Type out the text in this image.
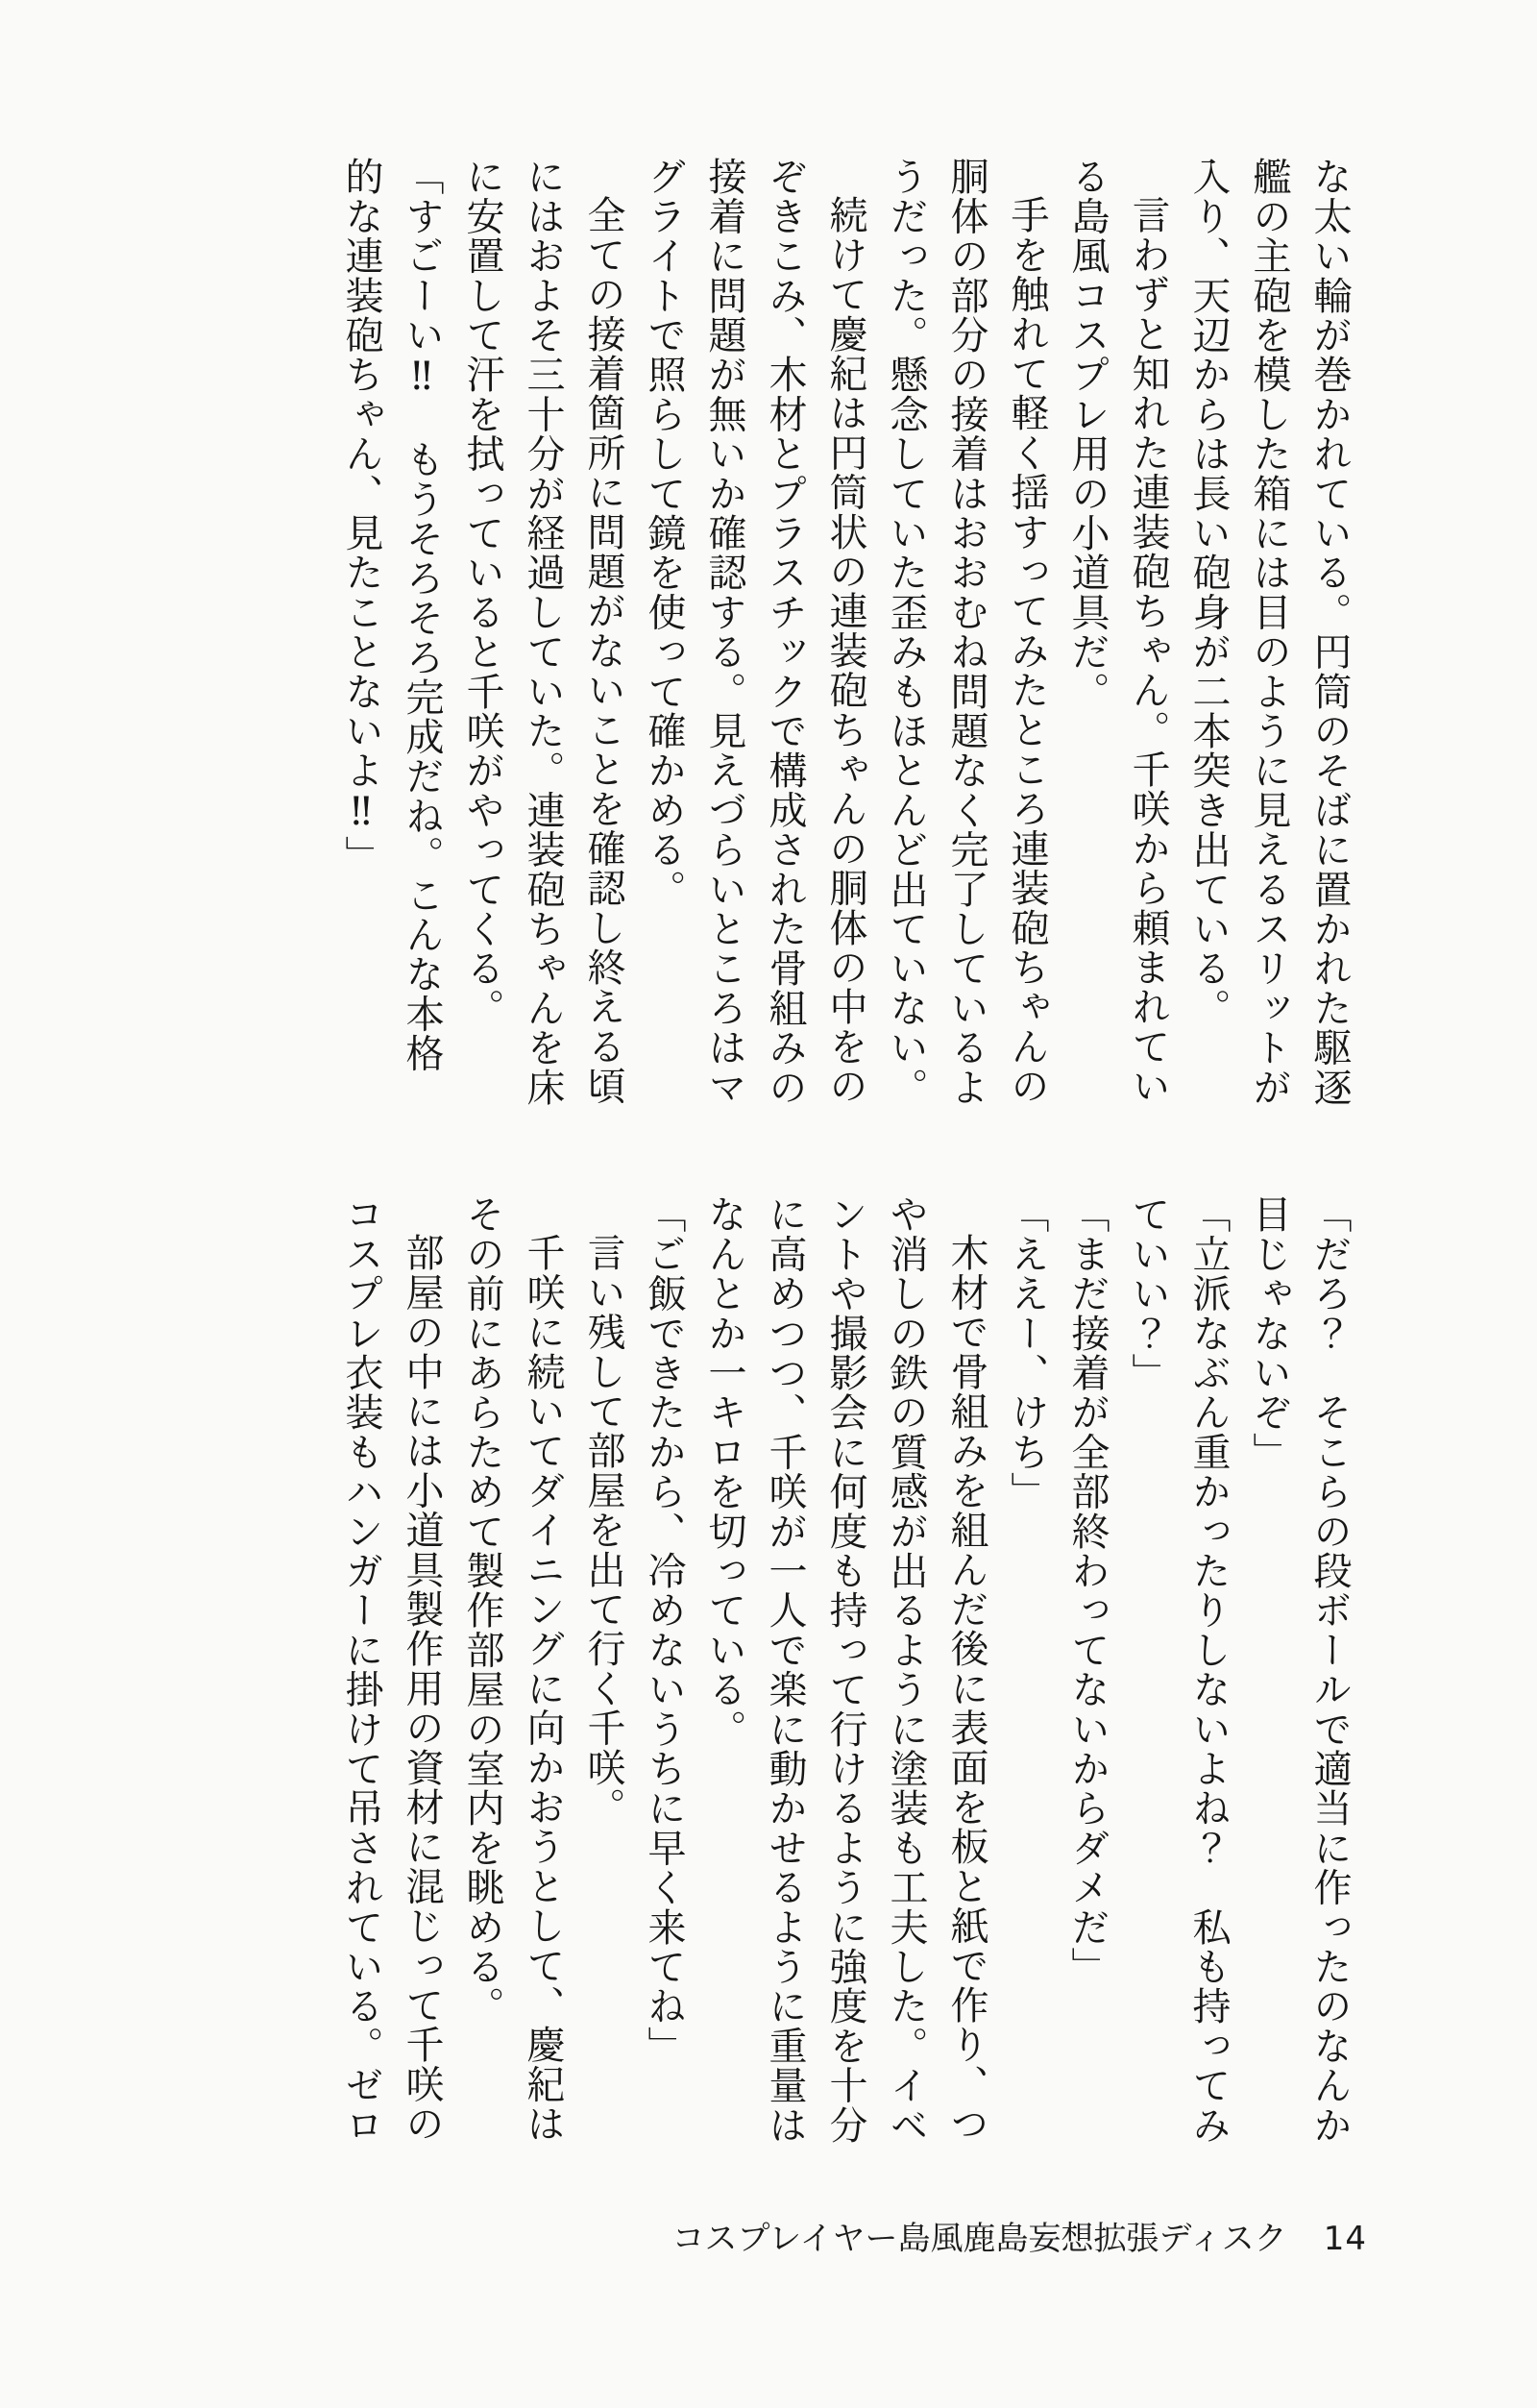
な太い輪が巻かれている。円筒のそばに置かれた駆逐艦の主砲を模した箱には目のように見えるスリットが入り、天辺からは長い砲身が二本突き出ている。

言わずと知れた連装砲ちゃん。千咲から頼まれている島風コスプレ用の小道具だ。

手を触れて軽く揺すってみたところ連装砲ちゃんの胴体の部分の接着はおおむね問題なく完了しているようだった。懸念していた歪みもほとんど出ていない。

続けて慶紀は円筒状の連装砲ちゃんの胴体の中をのぞきこみ、木材とプラスチックで構成された骨組みの接着に問題が無いか確認する。見えづらいところはマグライトで照らして鏡を使って確かめる。

全ての接着箇所に問題がないことを確認し終える頃にはおよそ三十分が経過していた。連装砲ちゃんを床に安置して汗を拭っていると千咲がやってくる。

「すごーい‼　もうそろそろ完成だね。こんな本格的な連装砲ちゃん、見たことないよ‼」

「だろ？　そこらの段ボールで適当に作ったのなんか目じゃないぞ」

「立派なぶん重かったりしないよね？　私も持ってみていい？」

「まだ接着が全部終わってないからダメだ」

「ええー、けち」

木材で骨組みを組んだ後に表面を板と紙で作り、つや消しの鉄の質感が出るように塗装も工夫した。イベントや撮影会に何度も持って行けるように強度を十分に高めつつ、千咲が一人で楽に動かせるように重量はなんとか一キロを切っている。

「ご飯できたから、冷めないうちに早く来てね」

言い残して部屋を出て行く千咲。

千咲に続いてダイニングに向かおうとして、慶紀はその前にあらためて製作部屋の室内を眺める。

部屋の中には小道具製作用の資材に混じって千咲のコスプレ衣装もハンガーに掛けて吊されている。ゼロ

コスプレイヤー島風鹿島妄想拡張ディスク 14
